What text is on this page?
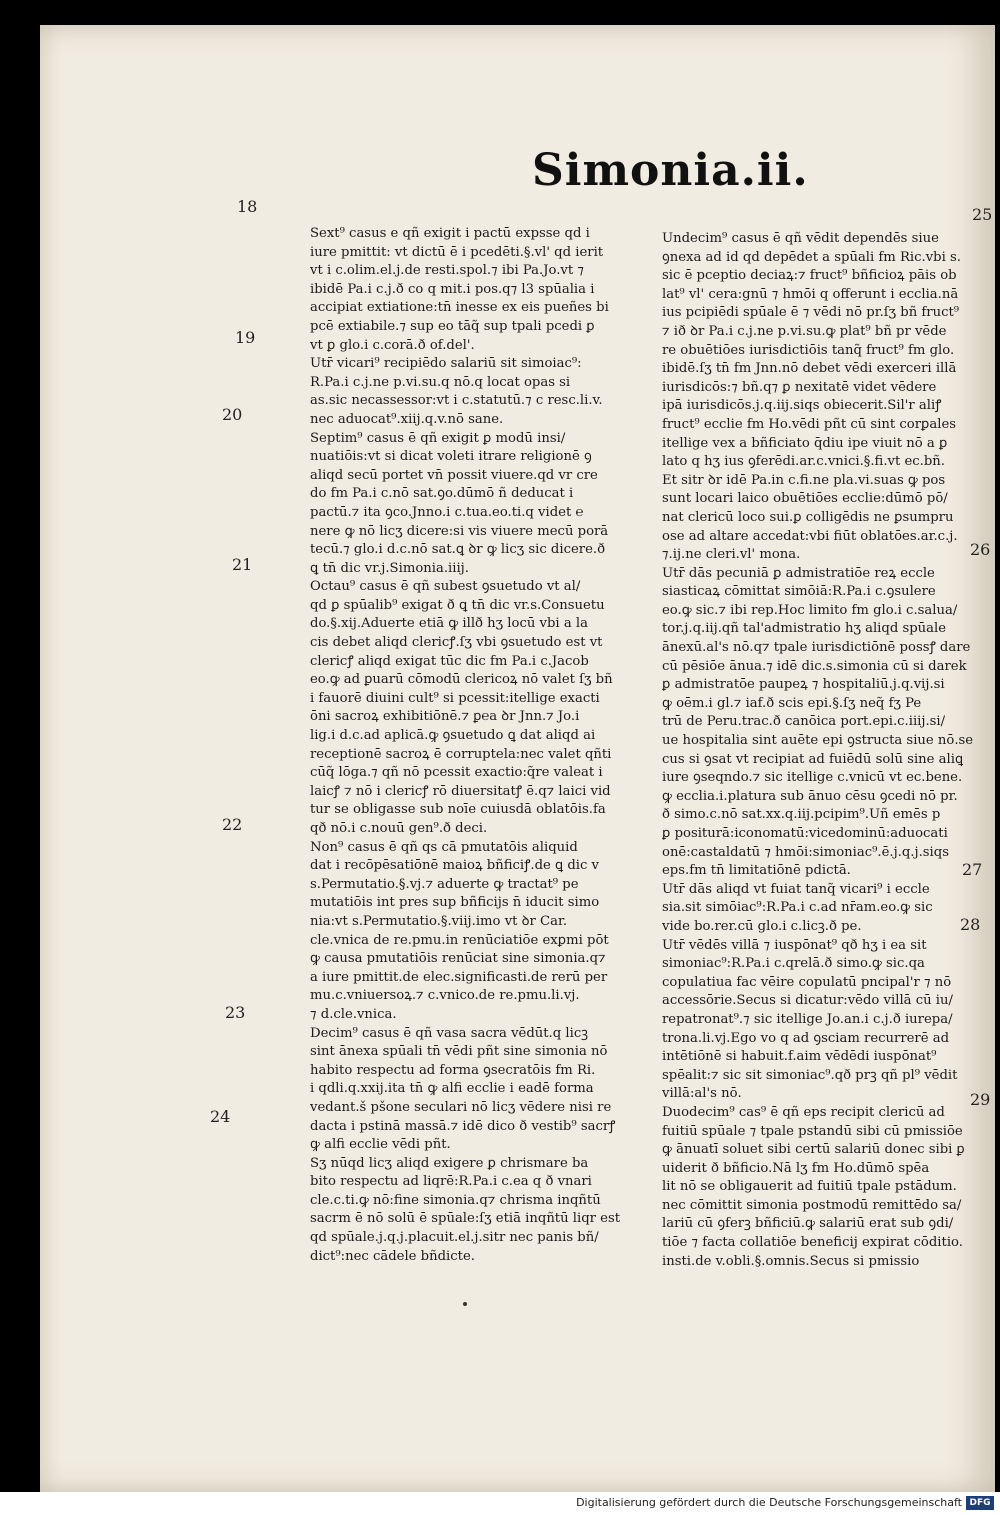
Simonia.ii.

Sext⁹ casus e qñ exigit i pactū expsse qd i

iure pmittit: vt dictū ē i pcedēti.§.vl' qd ierit

vt i c.olim.el.j.de resti.spol.⁊ ibi Pa.Jo.vt ⁊

ibidē Pa.i c.j.ð co q mit.i pos.q⁊ l3 spūalia i

accipiat extiatione:tn̄ inesse ex eis pueñes bi

pcē extiabile.⁊ sup eo tāq̃ sup tpali pcedi ꝑ

vt ꝑ glo.i c.corā.ð of.del'.

Utr̄ vicari⁹ recipiēdo salariū sit simoiac⁹:

R.Pa.i c.j.ne p.vi.su.q nō.q locat opas si

as.sic necassessor:vt i c.statutū.⁊ c resc.li.v.

nec aduocat⁹.xiij.q.v.nō sane.

Septim⁹ casus ē qñ exigit ꝑ modū insi/

nuatiōis:vt si dicat voleti itrare religionē ꝯ

aliqd secū portet vn̄ possit viuere.qd vr cre

do fm Pa.i c.nō sat.ꝯo.dūmō ñ deducat i

pactū.⁊ ita ꝯco.Jnno.i c.tua.eo.ti.q videt ℮

nere ꝙ nō licʒ dicere:si vis viuere mecū porā

tecū.⁊ glo.i d.c.nō sat.ꝗ ꝺr ꝙ licʒ sic dicere.ð

ꝗ tn̄ dic vr.j.Simonia.iiij.

Octau⁹ casus ē qñ subest ꝯsuetudo vt al/

qd ꝑ spūalib⁹ exigat ð ꝗ tn̄ dic vr.s.Consuetu

do.§.xij.Aduerte etiā ꝙ illð hʒ locū vbi a la

cis debet aliqd clericꝭ.ſʒ vbi ꝯsuetudo est vt

clericꝭ aliqd exigat tūc dic fm Pa.i c.Jacob

eo.ꝙ ad ꝑuarū cōmodū clericoꝝ nō valet ſʒ bñ

i fauorē diuini cult⁹ si pcessit:itellige exacti

ōni sacroꝝ exhibitiōnē.⁊ ꝑ℮a ꝺr Jnn.⁊ Jo.i

lig.i d.c.ad aplicā.ꝙ ꝯsuetudo ꝗ dat aliqd ai

receptionē sacroꝝ ē corruptela:nec valet qñti

cūq̃ lōga.⁊ qñ nō pcessit exactio:q̃re valeat i

laicꝭ ⁊ nō i clericꝭ rō diuersitatꝭ ē.q⁊ laici vid

tur se obligasse sub noīe cuiusdā oblatōis.fa

qð nō.i c.nouū gen⁹.ð deci.

Non⁹ casus ē qñ qs cā pmutatōis aliquid

dat i recōpēsatiōnē maioꝝ bñficiꝭ.de ꝗ dic v

s.Permutatio.§.vj.⁊ aduerte ꝙ tractat⁹ pe

mutatiōis int pres sup bñficijs n̄ iducit simo

nia:vt s.Permutatio.§.viij.imo vt ꝺr Car.

cle.vnica de re.pmu.in renūciatiōe exꝑmi pōt

ꝙ causa pmutatiōis renūciat sine simonia.q⁊

a iure pmittit.de elec.significasti.de rerū per

mu.c.vniuersoꝝ.⁊ c.vnico.de re.pmu.li.vj.

⁊ d.cle.vnica.

Decim⁹ casus ē qñ vasa sacra vēdūt.q licꝫ

sint ānexa spūali tn̄ vēdi pñt sine simonia nō

habito respectu ad forma ꝯsecratōis fm Ri.

i qdli.q.xxij.ita tn̄ ꝙ alfi ecclie i eadē forma

vedant.š pšone seculari nō licʒ vēdere nisi re

dacta i pstinā massā.⁊ idē dico ð vestib⁹ sacrꝭ

ꝙ alfi ecclie vēdi pñt.

Sʒ nūqd licʒ aliqd exigere ꝑ chrismare ba

bito respectu ad liqrē:R.Pa.i c.ea q ð vnari

cle.c.ti.ꝙ nō:fine simonia.q⁊ chrisma inqñtū

sacrm ē nō solū ē spūale:ſʒ etiā inqñtū liqr est

qd spūale.j.q.j.placuit.el.j.sitr nec panis bñ/

dict⁹:nec cādele bñdicte.

Undecim⁹ casus ē qñ vēdit dependēs siue

ꝯnexa ad id qd depēdet a spūali fm Ric.vbi s.

sic ē pceptio deciaꝝ:⁊ fruct⁹ bñficioꝝ pāis ob

lat⁹ vl' cera:gnū ⁊ hmōi q offerunt i ecclia.nā

ius pcipiēdi spūale ē ⁊ vēdi nō pr.ſʒ bñ fruct⁹

⁊ ið ꝺr Pa.i c.j.ne p.vi.su.ꝙ plat⁹ bñ pr vēde

re obuētiōes iurisdictiōis tanq̃ fruct⁹ fm glo.

ibidē.ſʒ tn̄ fm Jnn.nō debet vēdi exerceri illā

iurisdicōs:⁊ bñ.q⁊ ꝑ nexitatē videt vēdere

ipā iurisdicōs.j.q.iij.siqs obiecerit.Sil'r aliꝭ

fruct⁹ ecclie fm Ho.vēdi pñt cū sint corꝑales

itellige vex a bñficiato q̄diu ipe viuit nō a ꝑ

lato q hʒ ius ꝯferēdi.ar.c.vnici.§.fi.vt ec.bñ.

Et sitr ꝺr idē Pa.in c.fi.ne pla.vi.suas ꝙ pos

sunt locari laico obuētiōes ecclie:dūmō pō/

nat clericū loco sui.ꝑ colligēdis ne ꝑsumpru

ose ad altare accedat:vbi fiūt oblatōes.ar.c.j.

⁊.ij.ne cleri.vl' mona.

Utr̄ dās pecuniā ꝑ admistratiōe reꝝ eccle

siasticaꝝ cōmittat simōiā:R.Pa.i c.ꝯsulere

eo.ꝙ sic.⁊ ibi rep.Hoc limito fm glo.i c.salua/

tor.j.q.iij.qñ tal'admistratio hʒ aliqd spūale

ānexū.al's nō.q⁊ tpale iurisdictiōnē possꝭ dare

cū pēsiōe ānua.⁊ idē dic.s.simonia cū si darek

ꝑ admistratōe paupeꝝ ⁊ hospitaliū.j.q.vij.si

ꝙ oēm.i gl.⁊ iaf.ð scis epi.§.ſʒ neq̃ fʒ Pe

trū de Peru.trac.ð canōica port.epi.c.iiij.si/

ue hospitalia sint auēte epi ꝯstructa siue nō.se

cus si ꝯsat vt recipiat ad fuiēdū solū sine aliꝗ

iure ꝯseqndo.⁊ sic itellige c.vnicū vt ec.bene.

ꝙ ecclia.i.platura sub ānuo cēsu ꝯcedi nō pr.

ð simo.c.nō sat.xx.q.iij.pcipim⁹.Uñ emēs p

ꝑ positurā:iconomatū:vicedominū:aduocati

onē:castaldatū ⁊ hmōi:simoniac⁹.ē.j.q.j.siqs

eps.fm tn̄ limitatiōnē pdictā.

Utr̄ dās aliqd vt fuiat tanq̃ vicari⁹ i eccle

sia.sit simōiac⁹:R.Pa.i c.ad nr̄am.eo.ꝙ sic

vide bo.rer.cū glo.i c.licꝫ.ð pe.

Utr̄ vēdēs villā ⁊ iuspōnat⁹ qð hʒ i ea sit

simoniac⁹:R.Pa.i c.qrelā.ð simo.ꝙ sic.qa

copulatiua fac vēire copulatū pncipal'r ⁊ nō

accessōrie.Secus si dicatur:vēdo villā cū iu/

repatronat⁹.⁊ sic itellige Jo.an.i c.j.ð iurepa/

trona.li.vj.Ego vo q ad ꝯsciam recurrerē ad

intētiōnē si habuit.f.aim vēdēdi iuspōnat⁹

spēalit:⁊ sic sit simoniac⁹.qð prꝫ qñ pl⁹ vēdit

villā:al's nō.

Duodecim⁹ cas⁹ ē qñ eps recipit clericū ad

fuitiū spūale ⁊ tpale pstandū sibi cū pmissiōe

ꝙ ānuatī soluet sibi certū salariū donec sibi ꝑ

uiderit ð bñficio.Nā lʒ fm Ho.dūmō spēa

lit nō se obligauerit ad fuitiū tpale pstādum.

nec cōmittit simonia postmodū remittēdo sa/

lariū cū ꝯferꝫ bñficiū.ꝙ salariū erat sub ꝯdi/

tiōe ⁊ facta collatiōe beneficij expirat cōditio.

insti.de v.obli.§.omnis.Secus si pmissio

18
19
20
21
22
23
24
25
26
27
28
29
Digitalisierung gefördert durch die Deutsche Forschungsgemeinschaft DFG
